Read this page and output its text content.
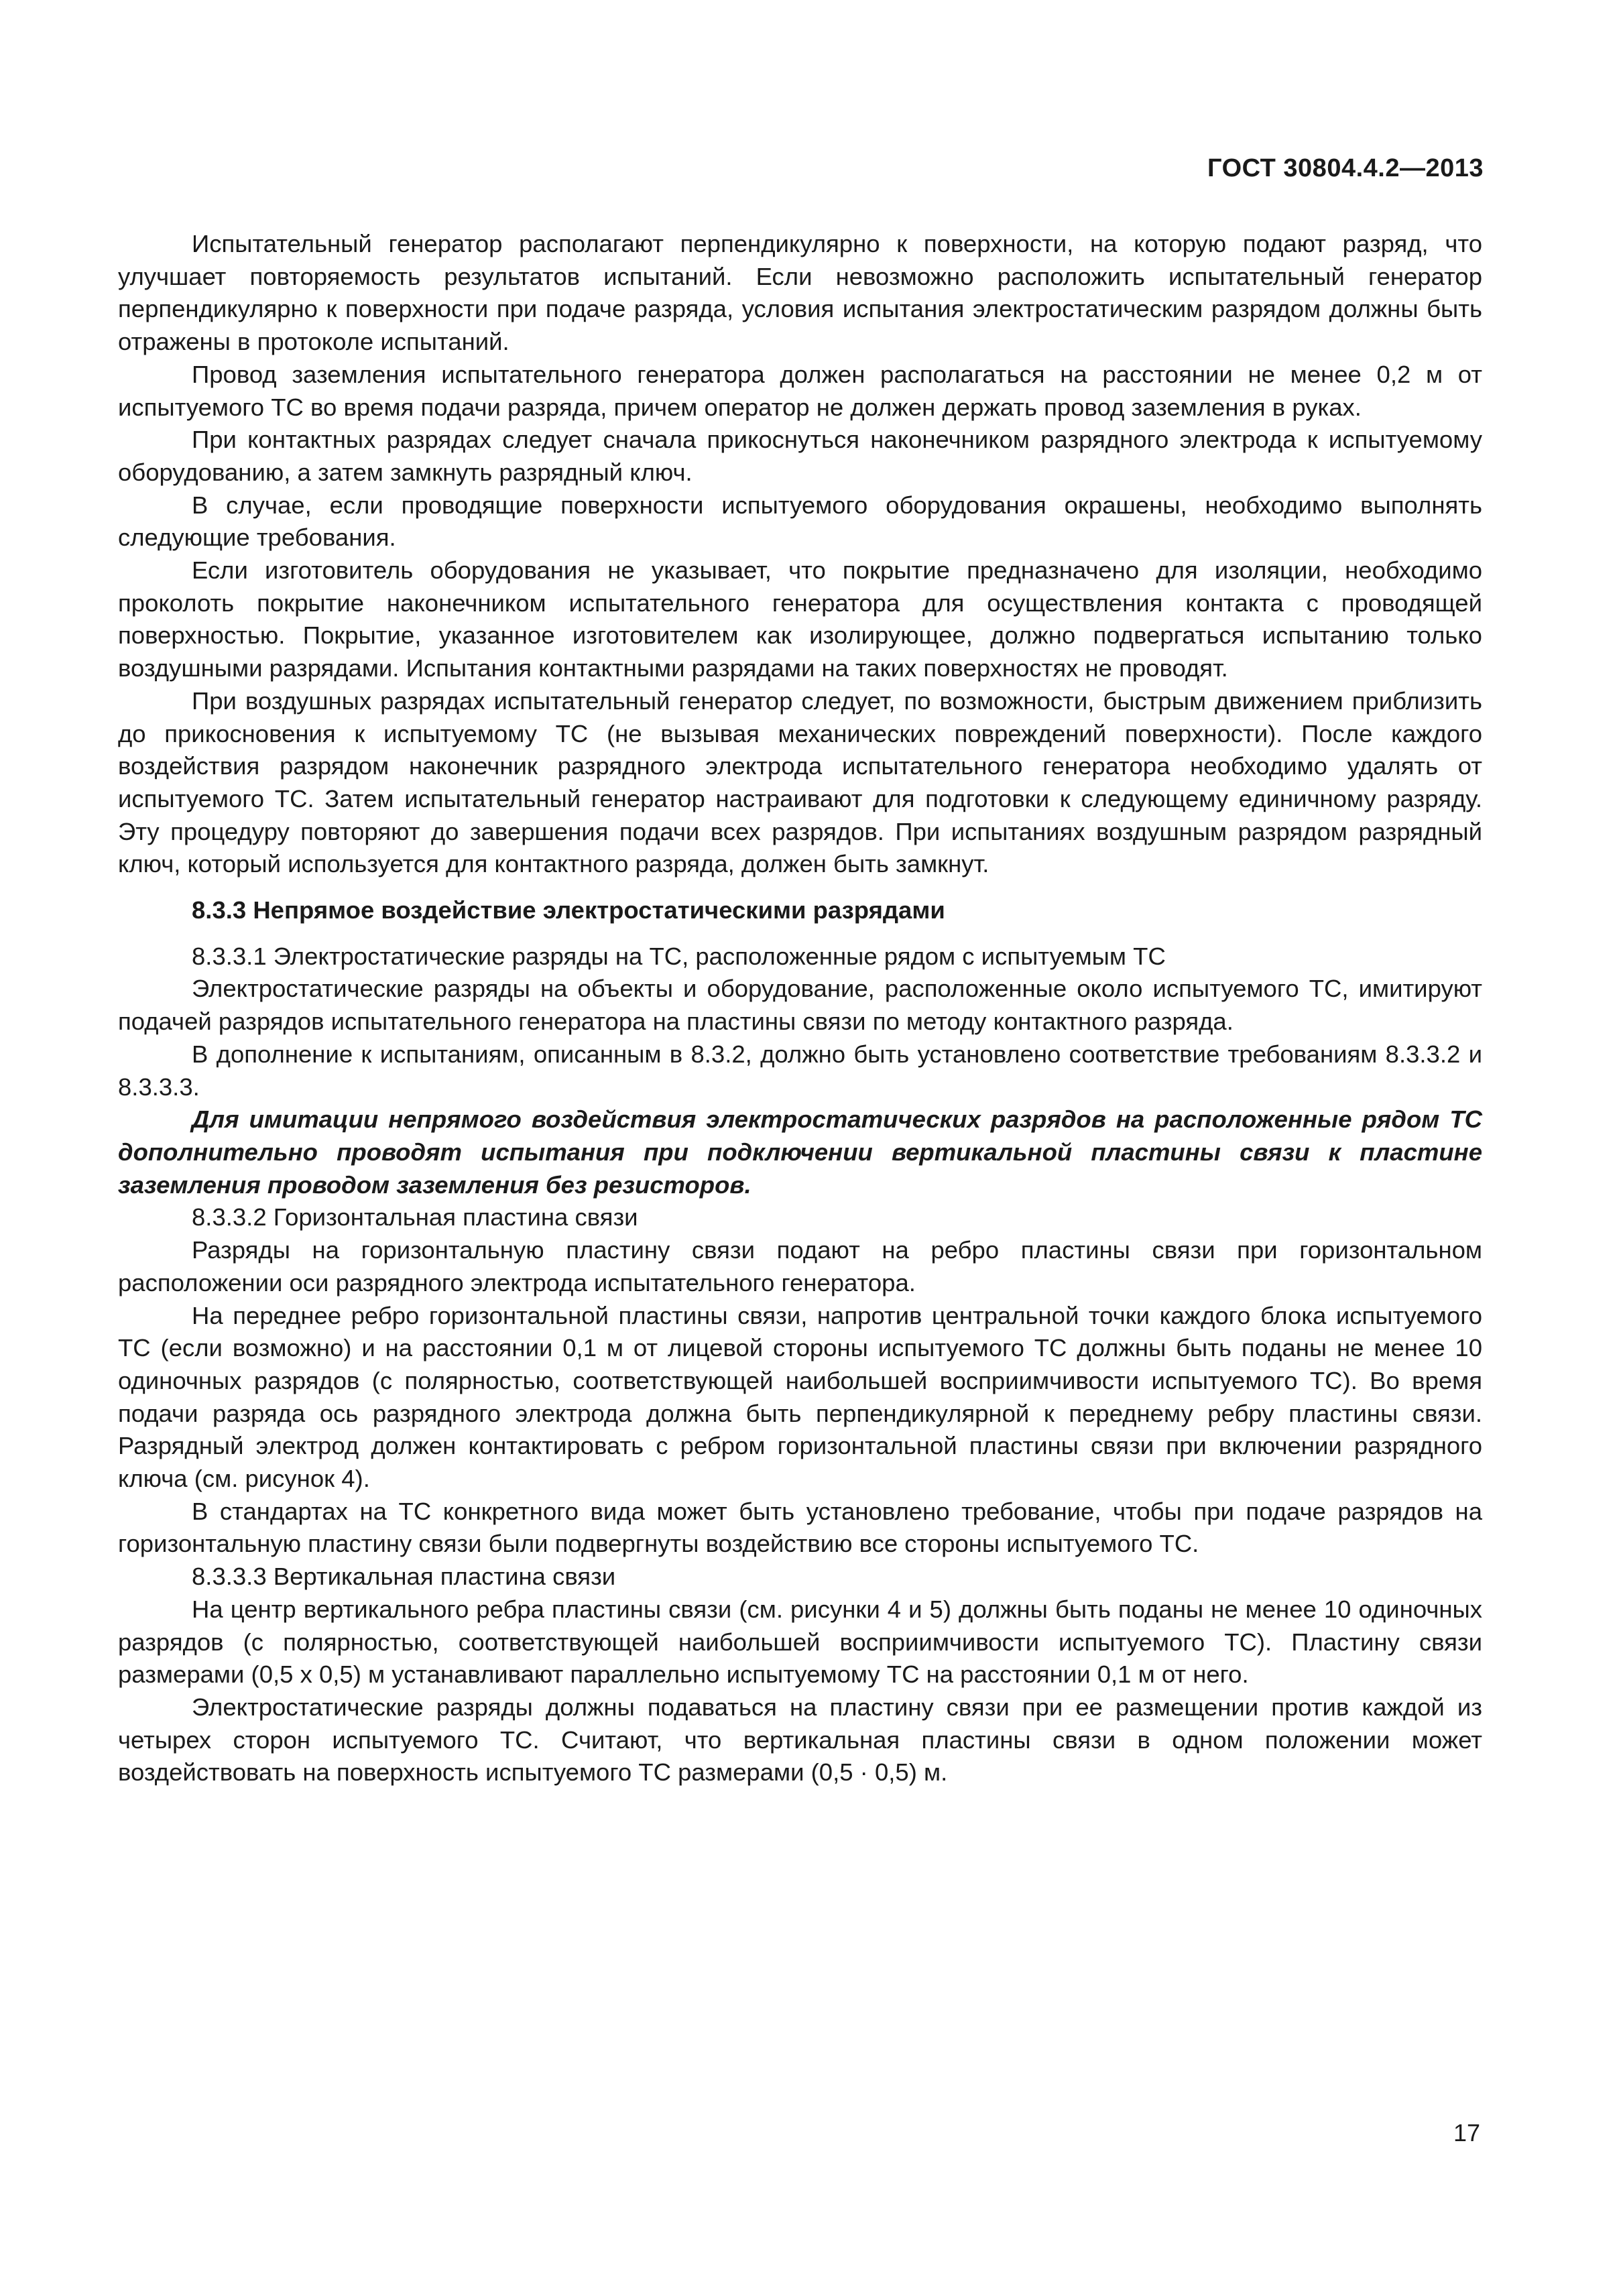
ГОСТ 30804.4.2—2013

Испытательный генератор располагают перпендикулярно к поверхности, на которую подают разряд, что улучшает повторяемость результатов испытаний. Если невозможно расположить испытательный генератор перпендикулярно к поверхности при подаче разряда, условия испытания электростатическим разрядом должны быть отражены в протоколе испытаний.

Провод заземления испытательного генератора должен располагаться на расстоянии не менее 0,2 м от испытуемого ТС во время подачи разряда, причем оператор не должен держать провод заземления в руках.

При контактных разрядах следует сначала прикоснуться наконечником разрядного электрода к испытуемому оборудованию, а затем замкнуть разрядный ключ.

В случае, если проводящие поверхности испытуемого оборудования окрашены, необходимо выполнять следующие требования.

Если изготовитель оборудования не указывает, что покрытие предназначено для изоляции, необходимо проколоть покрытие наконечником испытательного генератора для осуществления контакта с проводящей поверхностью. Покрытие, указанное изготовителем как изолирующее, должно подвергаться испытанию только воздушными разрядами. Испытания контактными разрядами на таких поверхностях не проводят.

При воздушных разрядах испытательный генератор следует, по возможности, быстрым движением приблизить до прикосновения к испытуемому ТС (не вызывая механических повреждений поверхности). После каждого воздействия разрядом наконечник разрядного электрода испытательного генератора необходимо удалять от испытуемого ТС. Затем испытательный генератор настраивают для подготовки к следующему единичному разряду. Эту процедуру повторяют до завершения подачи всех разрядов. При испытаниях воздушным разрядом разрядный ключ, который используется для контактного разряда, должен быть замкнут.

8.3.3 Непрямое воздействие электростатическими разрядами

8.3.3.1 Электростатические разряды на ТС, расположенные рядом с испытуемым ТС

Электростатические разряды на объекты и оборудование, расположенные около испытуемого ТС, имитируют подачей разрядов испытательного генератора на пластины связи по методу контактного разряда.

В дополнение к испытаниям, описанным в 8.3.2, должно быть установлено соответствие требованиям 8.3.3.2 и 8.3.3.3.

Для имитации непрямого воздействия электростатических разрядов на расположенные рядом ТС дополнительно проводят испытания при подключении вертикальной пластины связи к пластине заземления проводом заземления без резисторов.

8.3.3.2 Горизонтальная пластина связи

Разряды на горизонтальную пластину связи подают на ребро пластины связи при горизонтальном расположении оси разрядного электрода испытательного генератора.

На переднее ребро горизонтальной пластины связи, напротив центральной точки каждого блока испытуемого ТС (если возможно) и на расстоянии 0,1 м от лицевой стороны испытуемого ТС должны быть поданы не менее 10 одиночных разрядов (с полярностью, соответствующей наибольшей восприимчивости испытуемого ТС). Во время подачи разряда ось разрядного электрода должна быть перпендикулярной к переднему ребру пластины связи. Разрядный электрод должен контактировать с ребром горизонтальной пластины связи при включении разрядного ключа (см. рисунок 4).

В стандартах на ТС конкретного вида может быть установлено требование, чтобы при подаче разрядов на горизонтальную пластину связи были подвергнуты воздействию все стороны испытуемого ТС.

8.3.3.3 Вертикальная пластина связи

На центр вертикального ребра пластины связи (см. рисунки 4 и 5) должны быть поданы не менее 10 одиночных разрядов (с полярностью, соответствующей наибольшей восприимчивости испытуемого ТС). Пластину связи размерами (0,5 х 0,5) м устанавливают параллельно испытуемому ТС на расстоянии 0,1 м от него.

Электростатические разряды должны подаваться на пластину связи при ее размещении против каждой из четырех сторон испытуемого ТС. Считают, что вертикальная пластины связи в одном положении может воздействовать на поверхность испытуемого ТС размерами (0,5 · 0,5) м.

17
